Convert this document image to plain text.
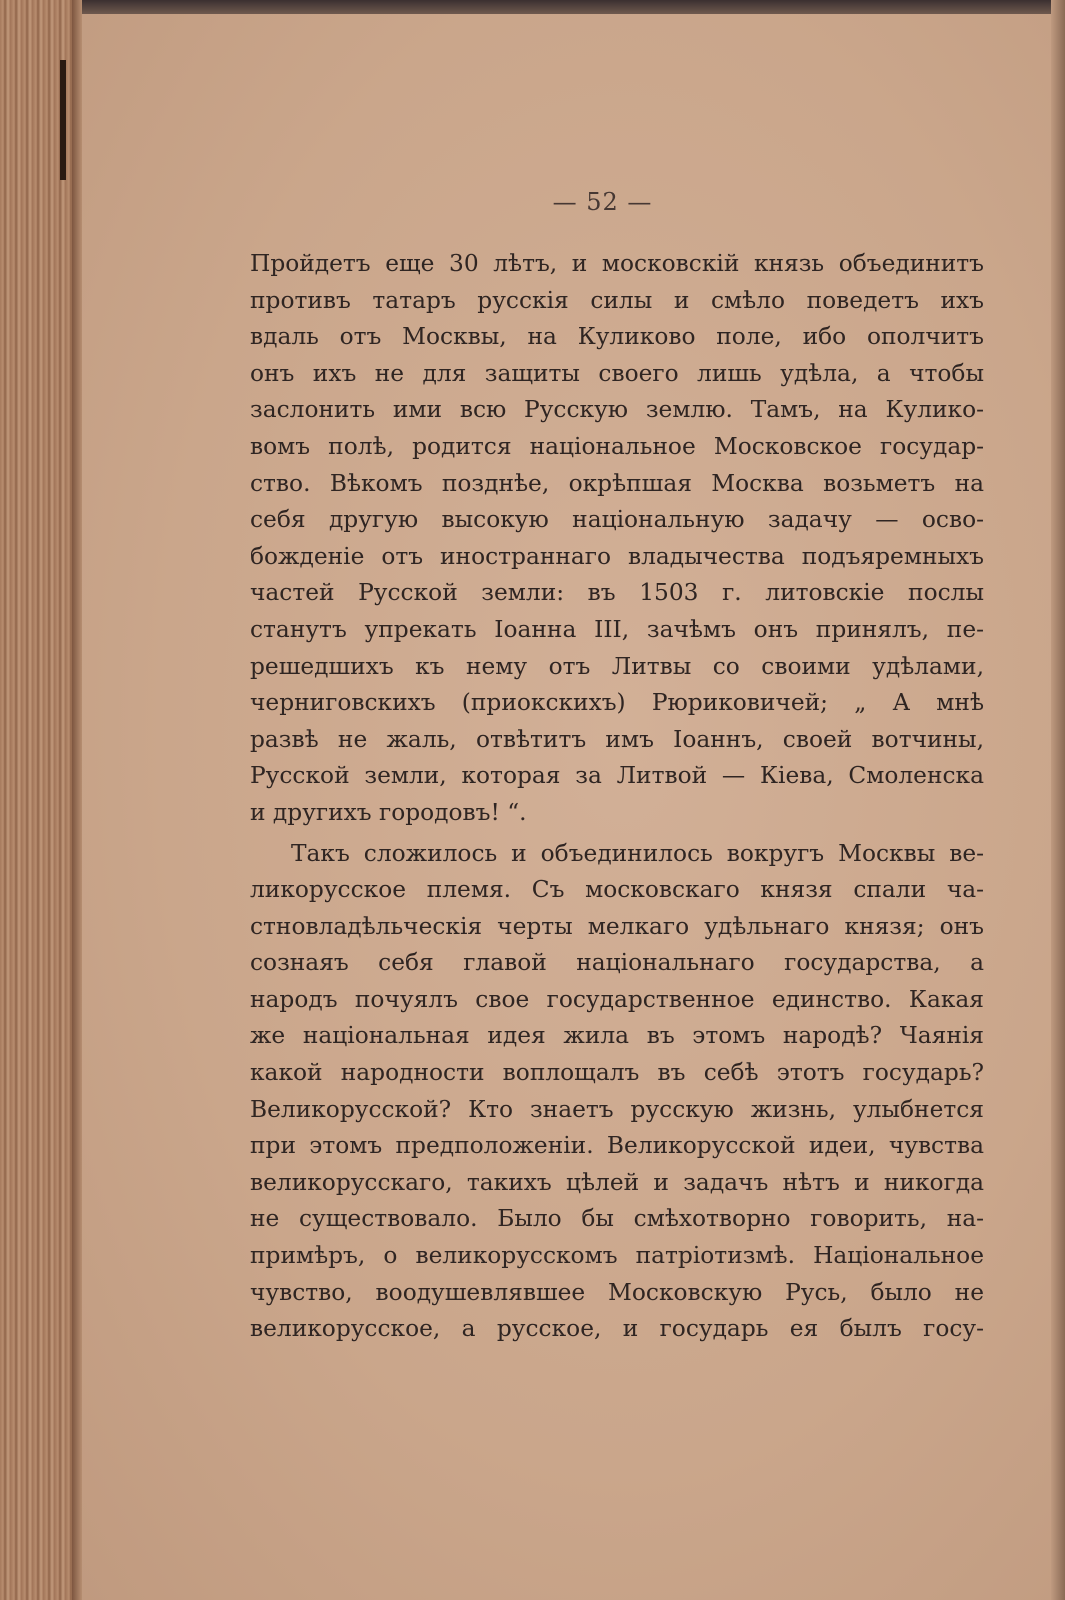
— 52 —
Пройдетъ еще 30 лѣтъ, и московскій князь объединитъ
противъ татаръ русскія силы и смѣло поведетъ ихъ
вдаль отъ Москвы, на Куликово поле, ибо ополчитъ
онъ ихъ не для защиты своего лишь удѣла, а чтобы
заслонить ими всю Русскую землю. Тамъ, на Кулико-
вомъ полѣ, родится національное Московское государ-
ство. Вѣкомъ позднѣе, окрѣпшая Москва возьметъ на
себя другую высокую національную задачу — осво-
божденіе отъ иностраннаго владычества подъяремныхъ
частей Русской земли: въ 1503 г. литовскіе послы
станутъ упрекать Іоанна III, зачѣмъ онъ принялъ, пе-
решедшихъ къ нему отъ Литвы со своими удѣлами,
черниговскихъ (приокскихъ) Рюриковичей; „ А мнѣ
развѣ не жаль, отвѣтитъ имъ Іоаннъ, своей вотчины,
Русской земли, которая за Литвой — Кіева, Смоленска
и другихъ городовъ! “.
Такъ сложилось и объединилось вокругъ Москвы ве-
ликорусское племя. Съ московскаго князя спали ча-
стновладѣльческія черты мелкаго удѣльнаго князя; онъ
сознаяъ себя главой національнаго государства, а
народъ почуялъ свое государственное единство. Какая
же національная идея жила въ этомъ народѣ? Чаянія
какой народности воплощалъ въ себѣ этотъ государь?
Великорусской? Кто знаетъ русскую жизнь, улыбнется
при этомъ предположеніи. Великорусской идеи, чувства
великорусскаго, такихъ цѣлей и задачъ нѣтъ и никогда
не существовало. Было бы смѣхотворно говорить, на-
примѣръ, о великорусскомъ патріотизмѣ. Національное
чувство, воодушевлявшее Московскую Русь, было не
великорусское, а русское, и государь ея былъ госу-
